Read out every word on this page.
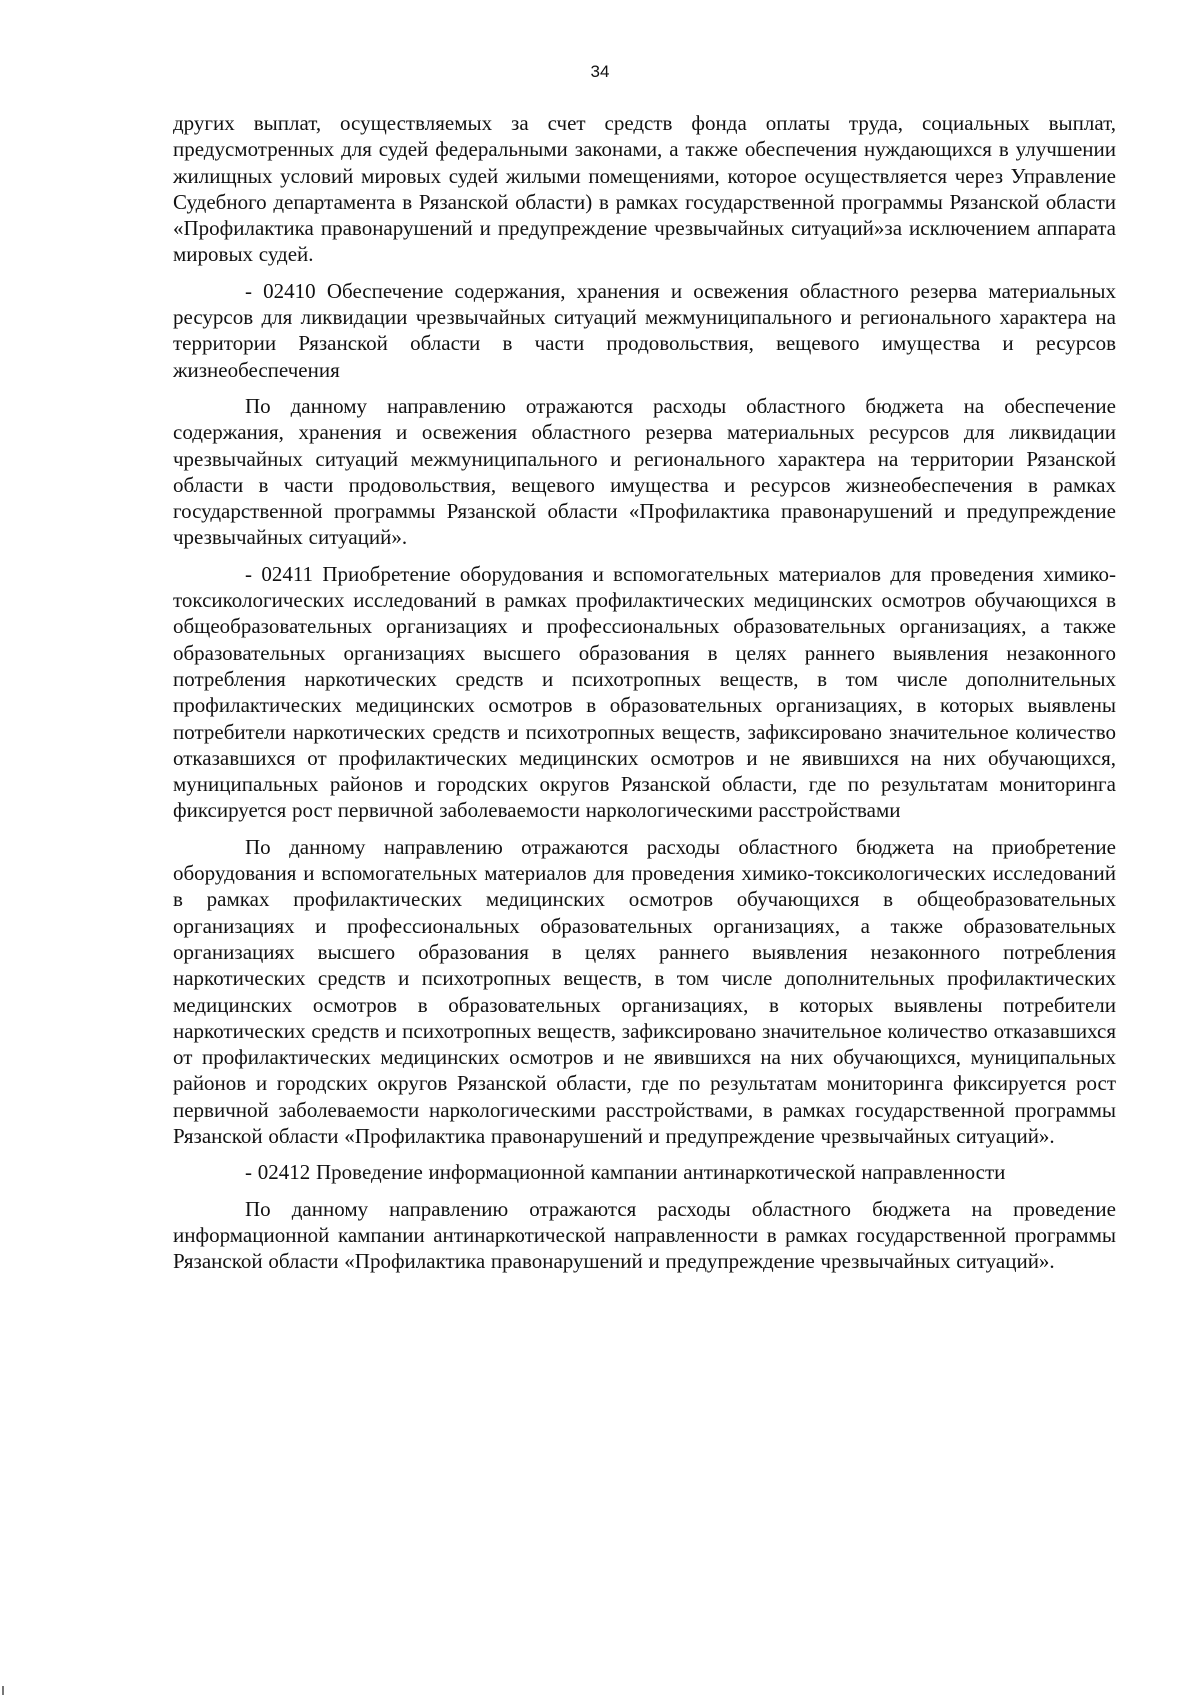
34

других выплат, осуществляемых за счет средств фонда оплаты труда, социальных выплат, предусмотренных для судей федеральными законами, а также обеспечения нуждающихся в улучшении жилищных условий мировых судей жилыми помещениями, которое осуществляется через Управление Судебного департамента в Рязанской области) в рамках государственной программы Рязанской области «Профилактика правонарушений и предупреждение чрезвычайных ситуаций»за исключением аппарата мировых судей.

- 02410 Обеспечение содержания, хранения и освежения областного резерва материальных ресурсов для ликвидации чрезвычайных ситуаций межмуниципального и регионального характера на территории Рязанской области в части продовольствия, вещевого имущества и ресурсов жизнеобеспечения

По данному направлению отражаются расходы областного бюджета на обеспечение содержания, хранения и освежения областного резерва материальных ресурсов для ликвидации чрезвычайных ситуаций межмуниципального и регионального характера на территории Рязанской области в части продовольствия, вещевого имущества и ресурсов жизнеобеспечения в рамках государственной программы Рязанской области «Профилактика правонарушений и предупреждение чрезвычайных ситуаций».

- 02411 Приобретение оборудования и вспомогательных материалов для проведения химико-токсикологических исследований в рамках профилактических медицинских осмотров обучающихся в общеобразовательных организациях и профессиональных образовательных организациях, а также образовательных организациях высшего образования в целях раннего выявления незаконного потребления наркотических средств и психотропных веществ, в том числе дополнительных профилактических медицинских осмотров в образовательных организациях, в которых выявлены потребители наркотических средств и психотропных веществ, зафиксировано значительное количество отказавшихся от профилактических медицинских осмотров и не явившихся на них обучающихся, муниципальных районов и городских округов Рязанской области, где по результатам мониторинга фиксируется рост первичной заболеваемости наркологическими расстройствами

По данному направлению отражаются расходы областного бюджета на приобретение оборудования и вспомогательных материалов для проведения химико-токсикологических исследований в рамках профилактических медицинских осмотров обучающихся в общеобразовательных организациях и профессиональных образовательных организациях, а также образовательных организациях высшего образования в целях раннего выявления незаконного потребления наркотических средств и психотропных веществ, в том числе дополнительных профилактических медицинских осмотров в образовательных организациях, в которых выявлены потребители наркотических средств и психотропных веществ, зафиксировано значительное количество отказавшихся от профилактических медицинских осмотров и не явившихся на них обучающихся, муниципальных районов и городских округов Рязанской области, где по результатам мониторинга фиксируется рост первичной заболеваемости наркологическими расстройствами, в рамках государственной программы Рязанской области «Профилактика правонарушений и предупреждение чрезвычайных ситуаций».

- 02412 Проведение информационной кампании антинаркотической направленности

По данному направлению отражаются расходы областного бюджета на проведение информационной кампании антинаркотической направленности в рамках государственной программы Рязанской области «Профилактика правонарушений и предупреждение чрезвычайных ситуаций».
